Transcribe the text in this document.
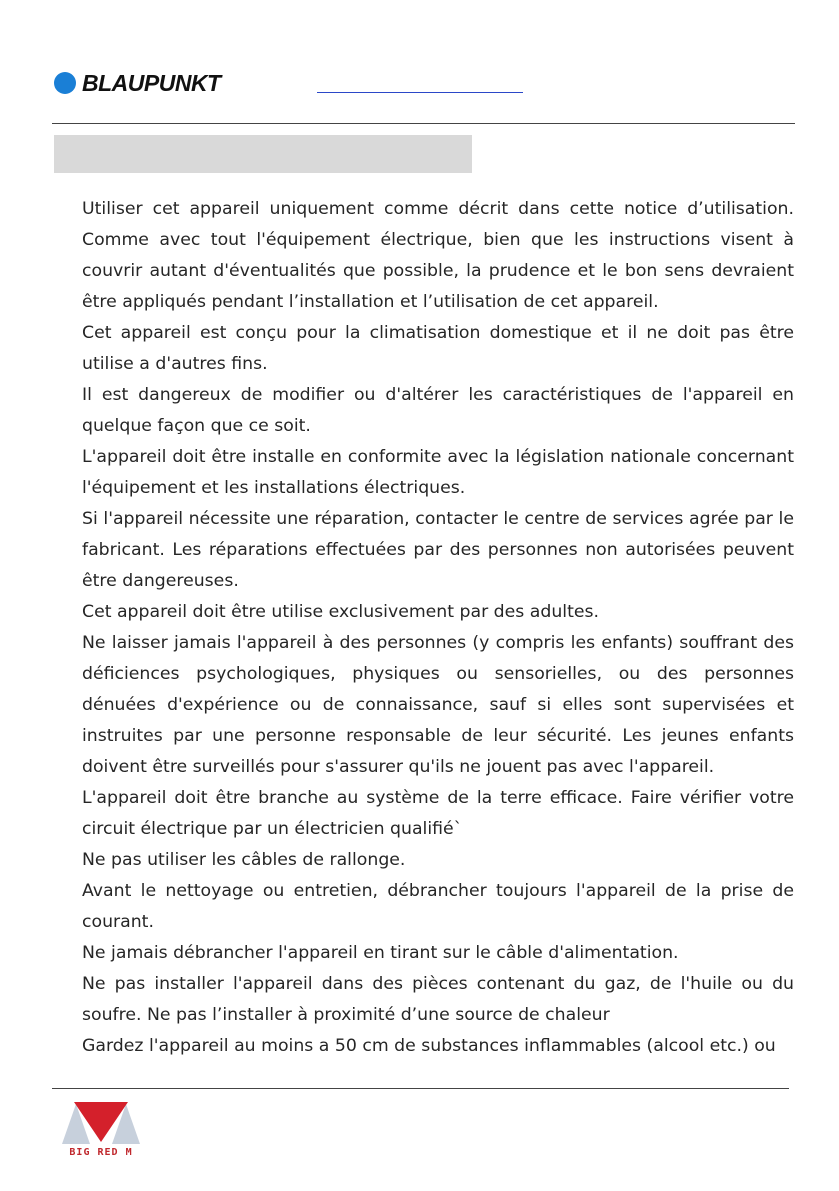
BLAUPUNKT

Utiliser cet appareil uniquement comme décrit dans cette notice d’utilisation. Comme avec tout l'équipement électrique, bien que les instructions visent à couvrir autant d'éventualités que possible, la prudence et le bon sens devraient être appliqués pendant l’installation et l’utilisation de cet appareil.

Cet appareil est conçu pour la climatisation domestique et il ne doit pas être utilise a d'autres fins.

Il est dangereux de modifier ou d'altérer les caractéristiques de l'appareil en quelque façon que ce soit.

L'appareil doit être installe en conformite avec la législation nationale concernant l'équipement et les installations électriques.

Si l'appareil nécessite une réparation, contacter le centre de services agrée par le fabricant. Les réparations effectuées par des personnes non autorisées peuvent être dangereuses.

Cet appareil doit être utilise exclusivement par des adultes.

Ne laisser jamais l'appareil à des personnes (y compris les enfants) souffrant des déficiences psychologiques, physiques ou sensorielles, ou des personnes dénuées d'expérience ou de connaissance, sauf si elles sont supervisées et instruites par une personne responsable de leur sécurité. Les jeunes enfants doivent être surveillés pour s'assurer qu'ils ne jouent pas avec l'appareil.

L'appareil doit être branche au système de la terre efficace. Faire vérifier votre circuit électrique par un électricien qualifié`

Ne pas utiliser les câbles de rallonge.

Avant le nettoyage ou entretien, débrancher toujours l'appareil de la prise de courant.

Ne jamais débrancher l'appareil en tirant sur le câble d'alimentation.

Ne pas installer l'appareil dans des pièces contenant du gaz, de l'huile ou du soufre. Ne pas l’installer à proximité d’une source de chaleur

Gardez l'appareil au moins a 50 cm de substances inflammables (alcool etc.) ou

BIG RED M
